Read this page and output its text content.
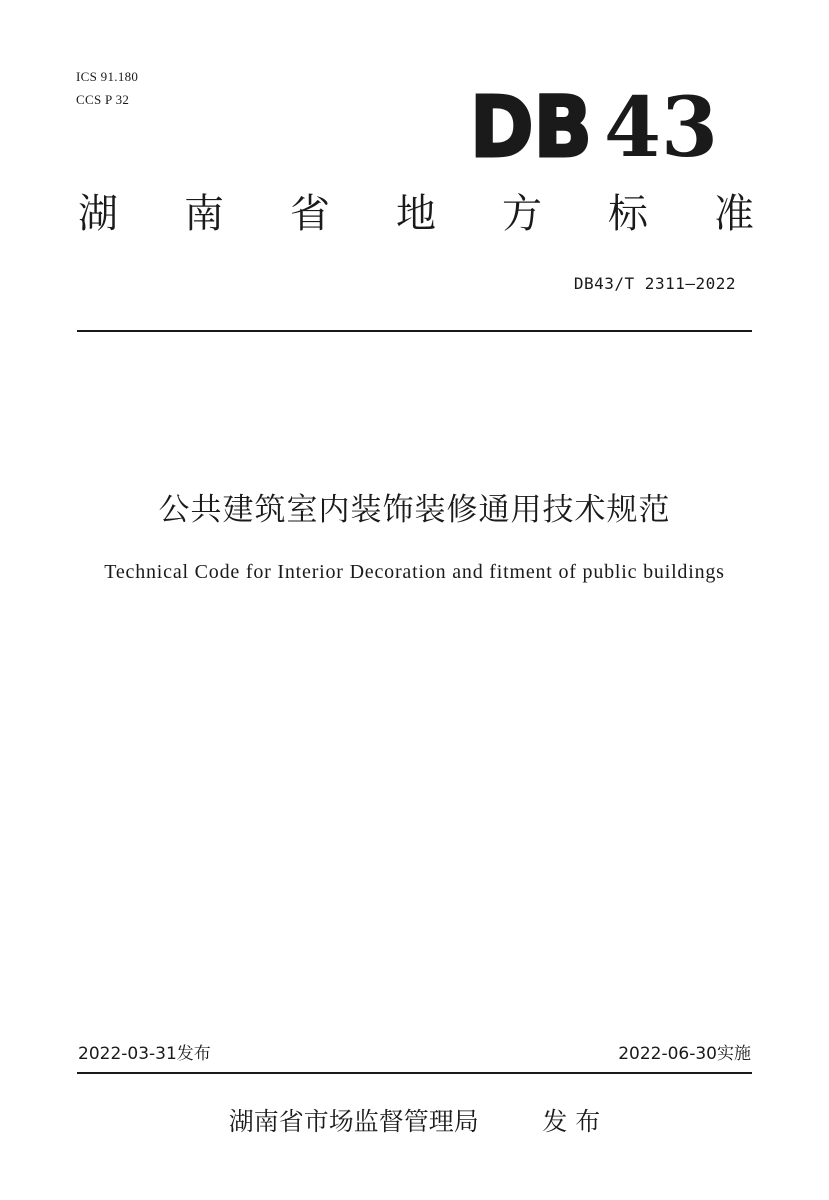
ICS 91.180
CCS P 32	DB 43
湖 南 省 地 方 标 准
DB43/T 2311—2022
公共建筑室内装饰装修通用技术规范
Technical Code for Interior Decoration and fitment of public buildings
2022-03-31发布	2022-06-30实施
湖南省市场监督管理局	发 布
